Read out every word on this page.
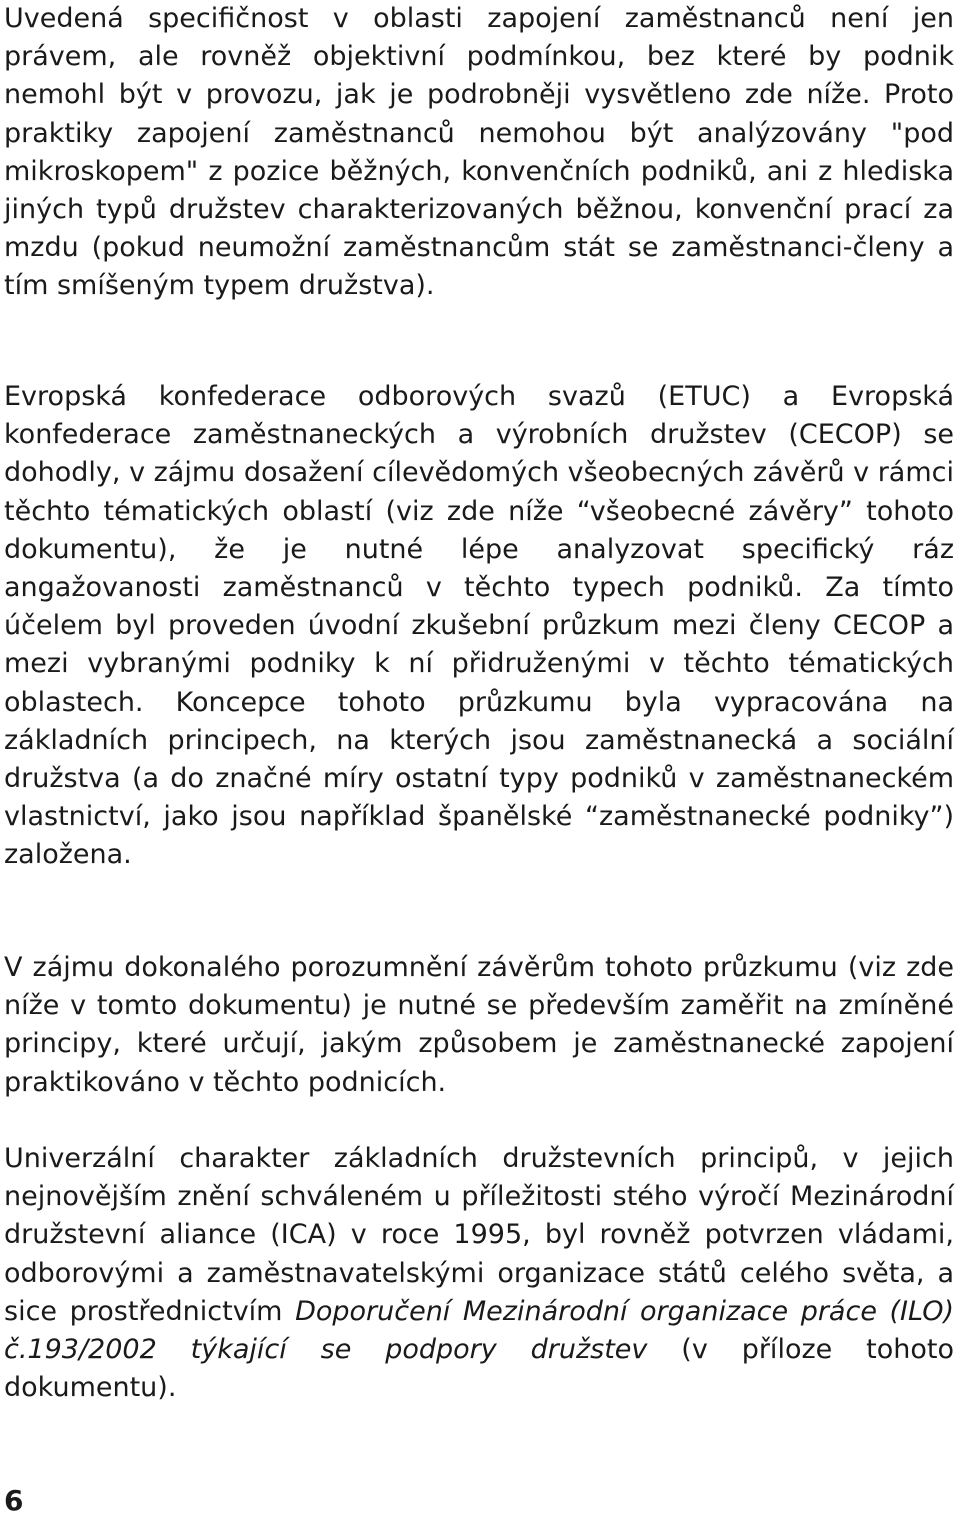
Uvedená specifičnost v oblasti zapojení zaměstnanců není jen právem, ale rovněž objektivní podmínkou, bez které by podnik nemohl být v provozu, jak je podrobněji vysvětleno zde níže. Proto praktiky zapojení zaměstnanců nemohou být analýzovány "pod mikroskopem" z pozice běžných, konvenčních podniků, ani z hlediska jiných typů družstev charakterizovaných běžnou, konvenční prací za mzdu (pokud neumožní zaměstnancům stát se zaměstnanci-členy a tím smíšeným typem družstva).

Evropská konfederace odborových svazů (ETUC) a Evropská konfederace zaměstnaneckých a výrobních družstev (CECOP) se dohodly, v zájmu dosažení cílevědomých všeobecných závěrů v rámci těchto tématických oblastí (viz zde níže “všeobecné závěry” tohoto dokumentu), že je nutné lépe analyzovat specifický ráz angažovanosti zaměstnanců v těchto typech podniků. Za tímto účelem byl proveden úvodní zkušební průzkum mezi členy CECOP a mezi vybranými podniky k ní přidruženými v těchto tématických oblastech. Koncepce tohoto průzkumu byla vypracována na základních principech, na kterých jsou zaměstnanecká a sociální družstva (a do značné míry ostatní typy podniků v zaměstnaneckém vlastnictví, jako jsou například španělské “zaměstnanecké podniky”) založena.

V zájmu dokonalého porozumnění závěrům tohoto průzkumu (viz zde níže v tomto dokumentu) je nutné se především zaměřit na zmíněné principy, které určují, jakým způsobem je zaměstnanecké zapojení praktikováno v těchto podnicích.

Univerzální charakter základních družstevních principů, v jejich nejnovějším znění schváleném u příležitosti stého výročí Mezinárodní družstevní aliance (ICA) v roce 1995, byl rovněž potvrzen vládami, odborovými a zaměstnavatelskými organizace států celého světa, a sice prostřednictvím Doporučení Mezinárodní organizace práce (ILO) č.193/2002 týkající se podpory družstev (v příloze tohoto dokumentu).

6
